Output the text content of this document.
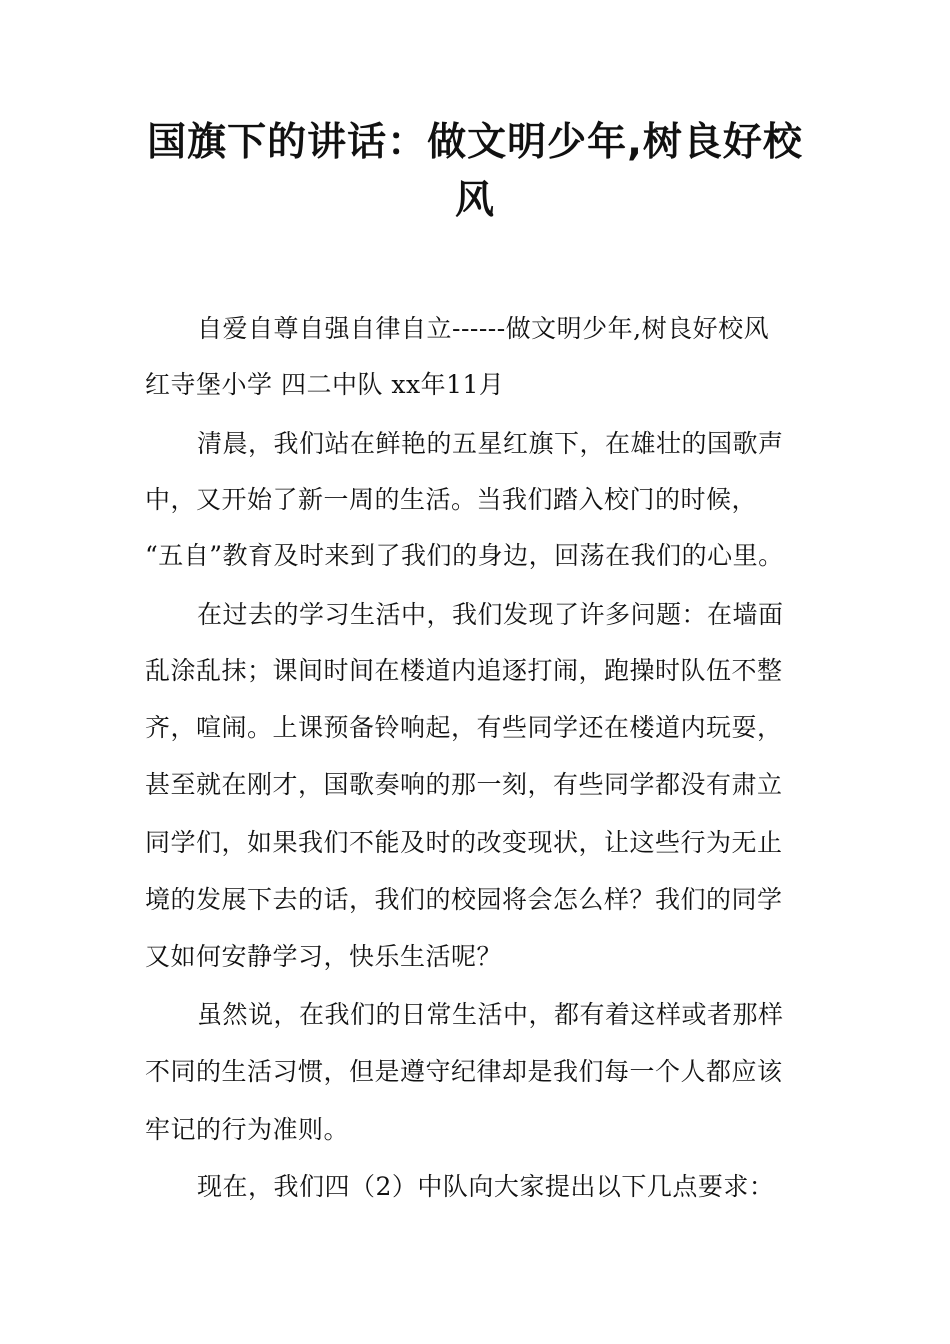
国旗下的讲话：做文明少年,树良好校
风
自爱自尊自强自律自立------做文明少年,树良好校风
红寺堡小学 四二中队 xx年11月
清晨，我们站在鲜艳的五星红旗下，在雄壮的国歌声
中，又开始了新一周的生活。当我们踏入校门的时候，
“五自”教育及时来到了我们的身边，回荡在我们的心里。
在过去的学习生活中，我们发现了许多问题：在墙面
乱涂乱抹；课间时间在楼道内追逐打闹，跑操时队伍不整
齐，喧闹。上课预备铃响起，有些同学还在楼道内玩耍，
甚至就在刚才，国歌奏响的那一刻，有些同学都没有肃立
同学们，如果我们不能及时的改变现状，让这些行为无止
境的发展下去的话，我们的校园将会怎么样？我们的同学
又如何安静学习，快乐生活呢？
虽然说，在我们的日常生活中，都有着这样或者那样
不同的生活习惯，但是遵守纪律却是我们每一个人都应该
牢记的行为准则。
现在，我们四（2）中队向大家提出以下几点要求：
